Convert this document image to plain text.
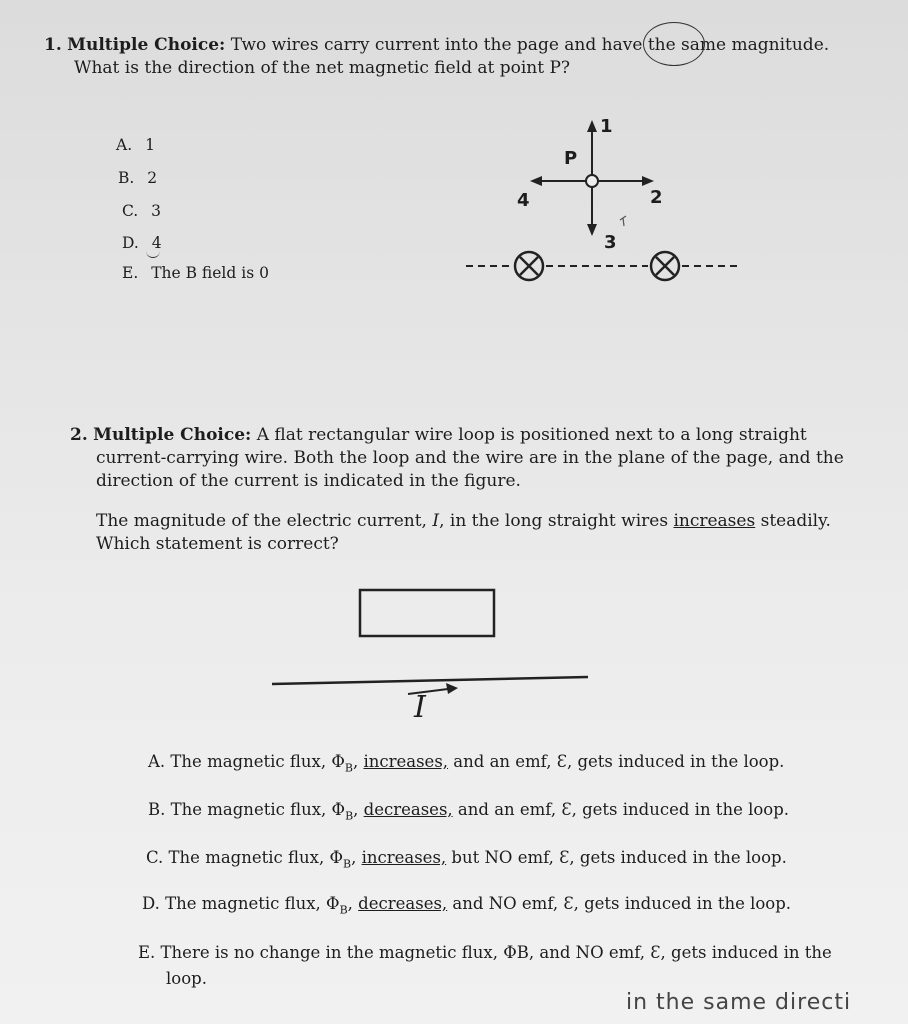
1. Multiple Choice: Two wires carry current into the page and have the same magnitude.
What is the direction of the net magnetic field at point P?
A. 1
B. 2
C. 3
D. 4
E. The B field is 0
P
1
2
3
4
2. Multiple Choice: A flat rectangular wire loop is positioned next to a long straight
current-carrying wire. Both the loop and the wire are in the plane of the page, and the
direction of the current is indicated in the figure.
The magnitude of the electric current, I, in the long straight wires increases steadily.
Which statement is correct?
I
A. The magnetic flux, $\Phi_B$, increases, and an emf, Ɛ, gets induced in the loop.
B. The magnetic flux, $\Phi_B$, decreases, and an emf, Ɛ, gets induced in the loop.
C. The magnetic flux, $\Phi_B$, increases, but NO emf, Ɛ, gets induced in the loop.
D. The magnetic flux, $\Phi_B$, decreases, and NO emf, Ɛ, gets induced in the loop.
E. There is no change in the magnetic flux, ΦB, and NO emf, Ɛ, gets induced in the
loop.
in the same directi
